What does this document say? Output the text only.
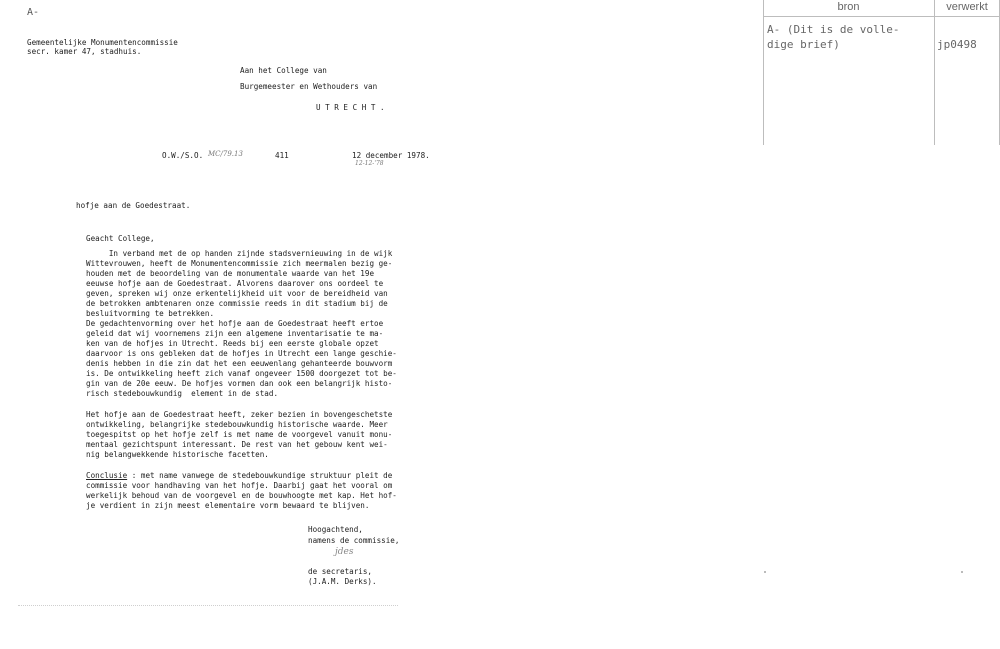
A-
Gemeentelijke Monumentencommissie
secr. kamer 47, stadhuis.
Aan het College van
Burgemeester en Wethouders van
U T R E C H T .
O.W./S.O. MC/79.13	411	12 december 1978.
12-12-'78
hofje aan de Goedestraat.
Geacht College,
In verband met de op handen zijnde stadsvernieuwing in de wijk
Wittevrouwen, heeft de Monumentencommissie zich meermalen bezig ge-
houden met de beoordeling van de monumentale waarde van het 19e
eeuwse hofje aan de Goedestraat. Alvorens daarover ons oordeel te
geven, spreken wij onze erkentelijkheid uit voor de bereidheid van
de betrokken ambtenaren onze commissie reeds in dit stadium bij de
besluitvorming te betrekken.
De gedachtenvorming over het hofje aan de Goedestraat heeft ertoe
geleid dat wij voornemens zijn een algemene inventarisatie te ma-
ken van de hofjes in Utrecht. Reeds bij een eerste globale opzet
daarvoor is ons gebleken dat de hofjes in Utrecht een lange geschie-
denis hebben in die zin dat het een eeuwenlang gehanteerde bouwvorm
is. De ontwikkeling heeft zich vanaf ongeveer 1500 doorgezet tot be-
gin van de 20e eeuw. De hofjes vormen dan ook een belangrijk histo-
risch stedebouwkundig  element in de stad.
Het hofje aan de Goedestraat heeft, zeker bezien in bovengeschetste
ontwikkeling, belangrijke stedebouwkundig historische waarde. Meer
toegespitst op het hofje zelf is met name de voorgevel vanuit monu-
mentaal gezichtspunt interessant. De rest van het gebouw kent wei-
nig belangwekkende historische facetten.
Conclusie : met name vanwege de stedebouwkundige struktuur pleit de
commissie voor handhaving van het hofje. Daarbij gaat het vooral om
werkelijk behoud van de voorgevel en de bouwhoogte met kap. Het hof-
je verdient in zijn meest elementaire vorm bewaard te blijven.
Hoogachtend,
namens de commissie,
jdes
de secretaris,
(J.A.M. Derks).
bron	verwerkt
A- (Dit is de volle-
dige brief)	jp0498
